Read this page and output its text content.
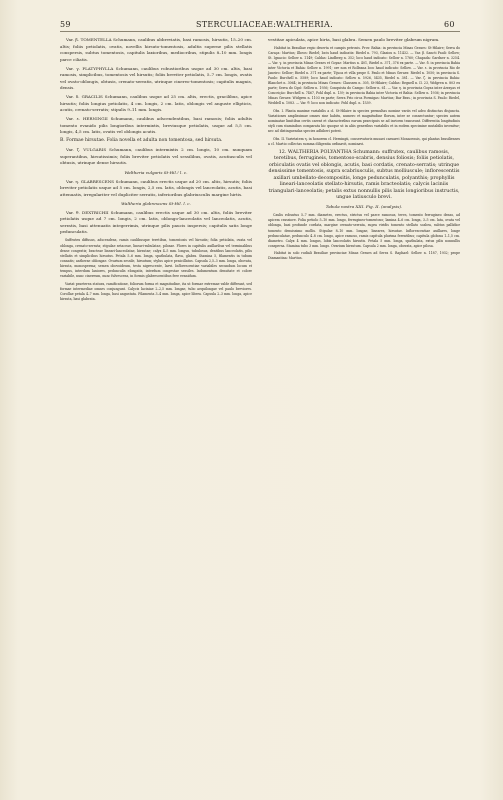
59	STERCULIACEAE: WALTHERIA.	60

Var. β. TOMENTELLA Schumann, caulibus abbreviatis, basi ramosis, hirsutis, 15–20 cm. altis; foliis petiolatis, ovatis, novellis hirsuto-tomentosis, adultis superne pilis stellatis conspersis, subtus tomentosis, capitulis laxioribus, mediocribus, stipulis 8–10 mm. longis parce ciliatis.

Var. γ. PLATYPHYLLA Schumann, caulibus robustioribus usque ad 30 cm. altis, basi ramosis, simplicibus, tomentosis vel hirsutis; foliis breviter petiolatis, 5–7 cm. longis, ovatis vel ovato-oblongis, obtusis, crenato-serratis, utrinque cinereo-tomentosis; capitulis magnis, densis.

Var. δ. GRACILIS Schumann, caulibus usque ad 25 cm. altis, erectis, gracilibus, apice hirsutis; foliis longius petiolatis, 4 cm. longis, 2 cm. latis, oblongis vel anguste ellipticis, acutis, crenato-serratis; stipulis 9–11 mm. longis.

Var. ε. HERNINGII Schumann, caulibus adscendentibus, basi ramosis; foliis adultis tomento evanido pilis longioribus intermixtis, breviusque petiolatis, usque ad 5,5 cm. longis, 4,5 cm. latis, ovatis vel oblongis acutis.

B. Formae hirsutae. Folia novella et adulta non tomentosa, sed hirsuta.

Var. ζ. VULGARIS Schumann, caulibus intermixtis 2 cm. longis, 10 cm. nunquam superantibus, hirsutissimis; foliis breviter petiolatis vel sessilibus, ovatis, acutiusculis vel obtusis, utrinque dense hirsutis.

Waltheria vulgaris St-Hil.! l. c.

Var. η. GLABRESCENS Schumann, caulibus erectis usque ad 20 cm. altis, hirsutis; foliis breviter petiolatis usque ad 5 cm. longis, 2,5 cm. latis, oblongis vel lanceolatis, acutis, basi attenuatis, irregulariter vel dupliciter serratis, inferioribus glabriusculis margine hirtis.

Waltheria glabrescens St-Hil. l. c.

Var. θ. DEXTRICHII Schumann, caulibus erectis usque ad 30 cm. altis, foliis breviter petiolatis usque ad 7 cm. longis, 2 cm. latis, oblongo-lanceolatis vel lanceolatis, acutis, serratis, basi attenuatis integerrimis, utrinque pilis paucis inspersis; capitulis satis longe pedunculatis.

Suffrutex diffusus, adscendens, ramis caulibusque teretibus, tomentosis vel hirsutis; folia petiolata, ovata vel oblonga, crenato-serrata; stipulae setaceae, lineari-subulatae, pilosae. Flores in capitulis axillaribus vel terminalibus dense congestis; bracteae lineari-lanceolatae, hirsutae; calyx 4–5 mm. longus, tubulosus, dentibus lanceolatis, pilis stellatis et simplicibus hirsutus. Petala 5–6 mm. longa, spathulata, flava, glabra. Stamina 5, filamentis in tubum connatis; antherae oblongae. Ovarium sessile, hirsutum; stylus apice penicillatus. Capsula 2,5–3 mm. longa, obovata, hirsuta, monosperma; semen obovoideum, testa nigrescente, laevi. Inflorescentiae variabiles secundum locum et tempus, interdum laxiores, pedunculis elongatis, interdum congestae sessiles. Indumentum densitate et colore variabile, nunc cinereum, nunc fulvescens, in formis glabrescentibus fere evanidum.

Variat praeterea statura, ramificatione, foliorum forma et magnitudine, ita ut formae extremae valde differant, sed formae intermediae omnes conjungunt. Calycis laciniae 2–2,5 mm. longae, tubo aequilongae vel paulo breviores. Corollae petala 4–7 mm. longa, basi angustata. Filamenta 3–4 mm. longa, apice libera. Capsula 2–3 mm. longa, apice hirsuta, basi glabrata.

vestitae apiculata, apice hirta, basi glabra. Semen paulo breviter glabrum nigrum.

Habitat in Brasiliae regio deserta et campis petrosis. Prov. Bahia: in provincia Minas Geraes: St-Hilaire; Serra do Caraça: Martius; Ilheos: Riedel; locis haud indicatis: Riedel n. 793, Glaziou n. 11432. — Var. β. Sancti Pauli: Sellow; St. Ignacio: Sellow n. 1149; Caldas: Lindberg n. 352; loco haud indicato: Sellow n. 1760; Chapada: Gardner n. 3254. — Var. γ. in provincia Minas Geraes et Goyaz: Martius n. 401, Riedel n. 371, 376 ex parte. — Var. δ. in provincia Bahia inter Victoria et Bahia: Sellow n. 1991; ore non et Rolleana loco haud indicato: Sellow. — Var. ε. in provincia Rio de Janeiro: Sellow; Riedel n. 371 ex parte; Tijuca et villa prope S. Paulo et Minas Geraes: Riedel n. 1050; in provincia S. Paulo: Burchell n. 5589; loco haud indicato: Sellow n. 5926, 5435, Riedel n. 381. — Var. ζ. in provincia Bahia: Blanchet n. 3064; in provincia Minas Geraes: Claussen n. 305, St-Hilaire; Caldas: Regnell n. II. 23, Widgren n. 803 ex parte; Serra do Cipó: Sellow n. 1936; Conquista do Campo: Sellow n. 61. — Var. η. in provincia Goyaz inter Arrayas et Conceição: Burchell n. 7467, Pohl dupl. n. 139; in provincia Bahia inter Victoria et Bahia: Sellow n. 1936; in provincia Minas Geraes: Widgren n. 1103 ex parte; Serra Frio circa Formigas: Martius; Bar Bras.; in provincia S. Paulo: Riedel, Weddell n. 1083. — Var. θ. loco non indicato: Pohl dupl. n. 1539.

Obs. I. Planta maxime variabilis a cl. St-Hilaire in species permultas nomine variis vel adeo distinctas disjuncta. Variationes amplissimae omnes sine habitu, numero et magnitudine florum, inter se connectuntur; species autem nominatae limitibus certis carent et characteribus earum praecipuis se ad invicem transeunt. Differentia longitudinis styli cum staminibus comparata hic quoque ut in aliis generibus variabilis et in eodem specimine mutabilis invenitur; nec ad distinguendas species adhiberi potest.

Obs. II. Varietatem η. in honorem cl. Herningii, conservatoris musaei caesarei Monacensis, qui plantas brasilienses a cl. Martio collectas summa diligentia ordinavit, nominavi.

12. WALTHERIA POLYANTHA Schumann: suffrutex, caulibus ramosis, teretibus, ferrugineis, tomentoso-scabris, densius foliosis; foliis petiolatis, orbiculatis ovatis vel oblongis, acutis, basi cordatis, crenato-serratis; utrinque densissime tomentosis, supra scabriusculis, subtus molliuscule; inflorescentiis axillari umbellato-decompositis, longe pedunculatis, polyanthis; prophyllis lineari-lanceolatis stellato-hirsutis, ramis bracteolatis; calycis laciniis triangulari-lanceolatis; petalis extus nonnullis pilis laxis longioribus instructis, ungue latiusculo brevi.

Tabula nostra XIII. Fig. II. (analysis).

Caulis robustus 5–7 mm. diametro, erectus, strictus vel parce ramosus, teres, tomento ferrugineo denso, ad apicem crassiore. Folia petiolo 5–10 mm. longo, ferrugineo-tomentoso; lamina 4–6 cm. longa, 3–5 cm. lata, ovata vel oblonga, basi profunde cordata, margine crenato-serrata, supra viridis tomento stellato scabra, subtus pallidior tomento densissimo mollis. Stipulae 8–10 mm. longae, lineares, hirsutae. Inflorescentiae axillares, longe pedunculatae, pedunculo 4–8 cm. longo, apice ramoso, ramis capitula plurima ferentibus; capitula globosa 1–1,5 cm. diametro. Calyx 4 mm. longus, lobis lanceolatis hirsutis. Petala 5 mm. longa, spathulata, extus pilis nonnullis conspersa. Stamina tubo 3 mm. longo. Ovarium hirsutum. Capsula 2 mm. longa, obovata, apice pilosa.

Habitat in solo rudiali Brasiliae provinciae Minas Geraes ad Serra S. Raphael: Sellow n. 1187, 1932; prope Diamantina: Martius.
